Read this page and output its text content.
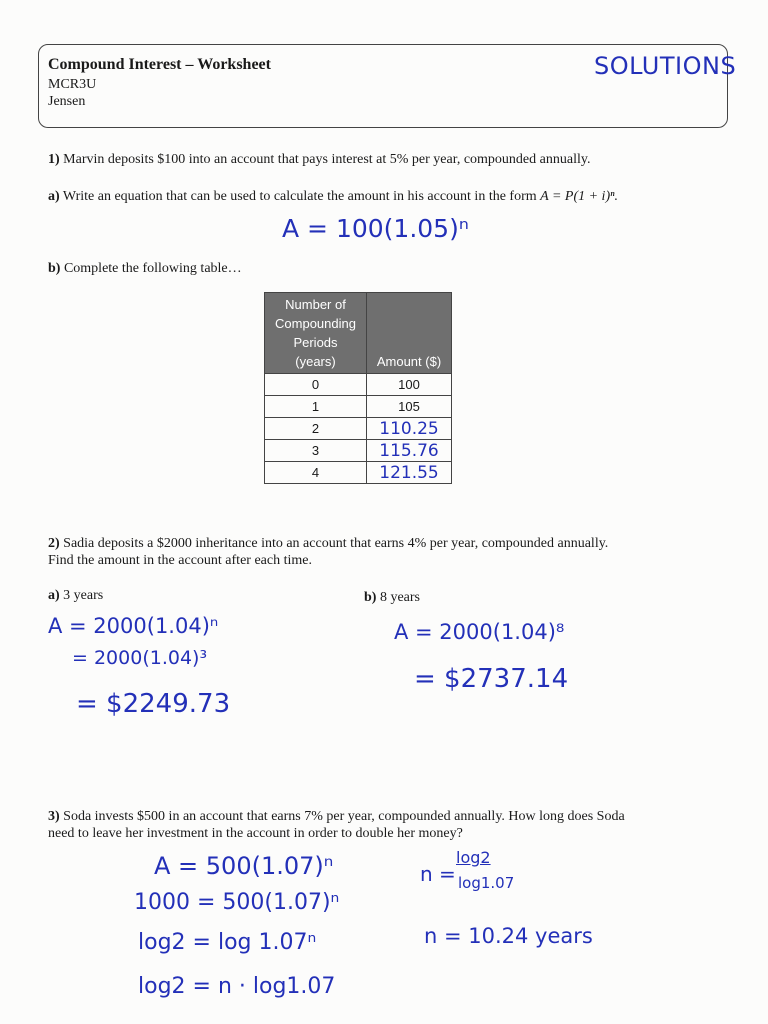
Compound Interest – Worksheet
MCR3U
Jensen
SOLUTIONS
1) Marvin deposits $100 into an account that pays interest at 5% per year, compounded annually.
a) Write an equation that can be used to calculate the amount in his account in the form A = P(1 + i)ⁿ.
A = 100(1.05)ⁿ
b) Complete the following table…
Number of
Compounding
Periods
(years)	Amount ($)
0	100
1	105
2	110.25
3	115.76
4	121.55
2) Sadia deposits a $2000 inheritance into an account that earns 4% per year, compounded annually.
Find the amount in the account after each time.
a) 3 years	b) 8 years
A = 2000(1.04)ⁿ
= 2000(1.04)³
= $2249.73
A = 2000(1.04)⁸
= $2737.14
3) Soda invests $500 in an account that earns 7% per year, compounded annually. How long does Soda
need to leave her investment in the account in order to double her money?
A = 500(1.07)ⁿ
1000 = 500(1.07)ⁿ
log2 = log 1.07ⁿ
log2 = n · log1.07
n =
log2
log1.07
n = 10.24 years
